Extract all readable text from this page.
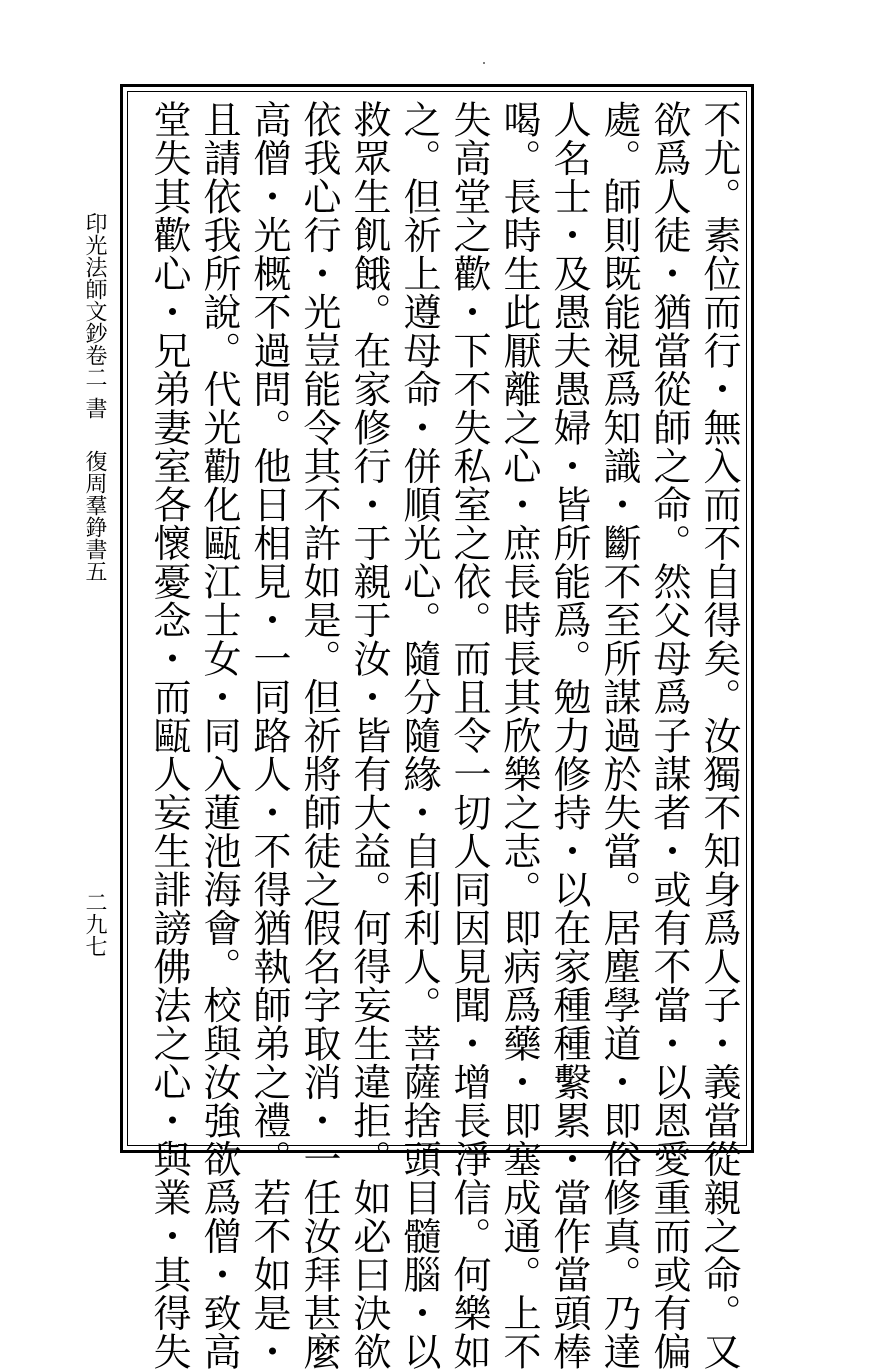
印光法師文鈔卷二
書
復周羣錚書五
二九七	不尤。素位而行・無入而不自得矣。汝獨不知身爲人子・義當從親之命。又
欲爲人徒・猶當從師之命。然父母爲子謀者・或有不當・以恩愛重而或有偏
處。師則既能視爲知識・斷不至所謀過於失當。居塵學道・即俗修真。乃達
人名士・及愚夫愚婦・皆所能爲。勉力修持・以在家種種繫累・當作當頭棒
喝。長時生此厭離之心・庶長時長其欣樂之志。即病爲藥・即塞成通。上不
失高堂之歡・下不失私室之依。而且令一切人同因見聞・增長淨信。何樂如
之。但祈上遵母命・併順光心。隨分隨緣・自利利人。菩薩捨頭目髓腦・以
救眾生飢餓。在家修行・于親于汝・皆有大益。何得妄生違拒。如必曰決欲
依我心行・光豈能令其不許如是。但祈將師徒之假名字取消・一任汝拜甚麼
高僧・光概不過問。他日相見・一同路人・不得猶執師弟之禮。若不如是・
且請依我所說。代光勸化甌江士女・同入蓮池海會。校與汝強欲爲僧・致高
堂失其歡心・兄弟妻室各懷憂念・而甌人妄生誹謗佛法之心・與業・其得失
